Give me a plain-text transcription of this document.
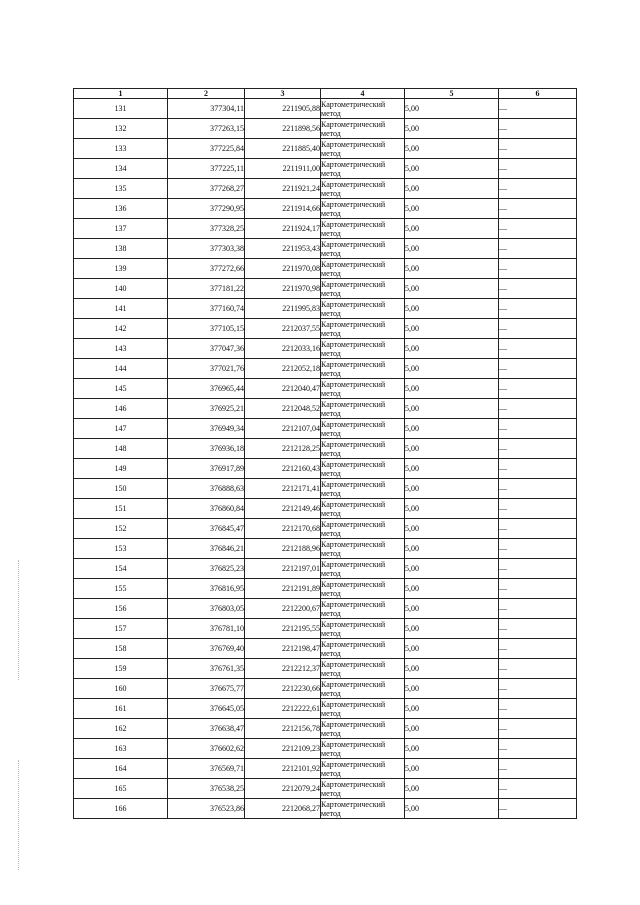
1	2	3	4	5	6
131	377304,11	2211905,88	Картометрический
метод	5,00	—
132	377263,15	2211898,56	Картометрический
метод	5,00	—
133	377225,84	2211885,40	Картометрический
метод	5,00	—
134	377225,11	2211911,00	Картометрический
метод	5,00	—
135	377268,27	2211921,24	Картометрический
метод	5,00	—
136	377290,95	2211914,66	Картометрический
метод	5,00	—
137	377328,25	2211924,17	Картометрический
метод	5,00	—
138	377303,38	2211953,43	Картометрический
метод	5,00	—
139	377272,66	2211970,08	Картометрический
метод	5,00	—
140	377181,22	2211970,98	Картометрический
метод	5,00	—
141	377160,74	2211995,83	Картометрический
метод	5,00	—
142	377105,15	2212037,55	Картометрический
метод	5,00	—
143	377047,36	2212033,16	Картометрический
метод	5,00	—
144	377021,76	2212052,18	Картометрический
метод	5,00	—
145	376965,44	2212040,47	Картометрический
метод	5,00	—
146	376925,21	2212048,52	Картометрический
метод	5,00	—
147	376949,34	2212107,04	Картометрический
метод	5,00	—
148	376936,18	2212128,25	Картометрический
метод	5,00	—
149	376917,89	2212160,43	Картометрический
метод	5,00	—
150	376888,63	2212171,41	Картометрический
метод	5,00	—
151	376860,84	2212149,46	Картометрический
метод	5,00	—
152	376845,47	2212170,68	Картометрический
метод	5,00	—
153	376846,21	2212188,96	Картометрический
метод	5,00	—
154	376825,23	2212197,01	Картометрический
метод	5,00	—
155	376816,95	2212191,89	Картометрический
метод	5,00	—
156	376803,05	2212200,67	Картометрический
метод	5,00	—
157	376781,10	2212195,55	Картометрический
метод	5,00	—
158	376769,40	2212198,47	Картометрический
метод	5,00	—
159	376761,35	2212212,37	Картометрический
метод	5,00	—
160	376675,77	2212230,66	Картометрический
метод	5,00	—
161	376645,05	2212222,61	Картометрический
метод	5,00	—
162	376638,47	2212156,78	Картометрический
метод	5,00	—
163	376602,62	2212109,23	Картометрический
метод	5,00	—
164	376569,71	2212101,92	Картометрический
метод	5,00	—
165	376538,25	2212079,24	Картометрический
метод	5,00	—
166	376523,86	2212068,27	Картометрический
метод	5,00	—
